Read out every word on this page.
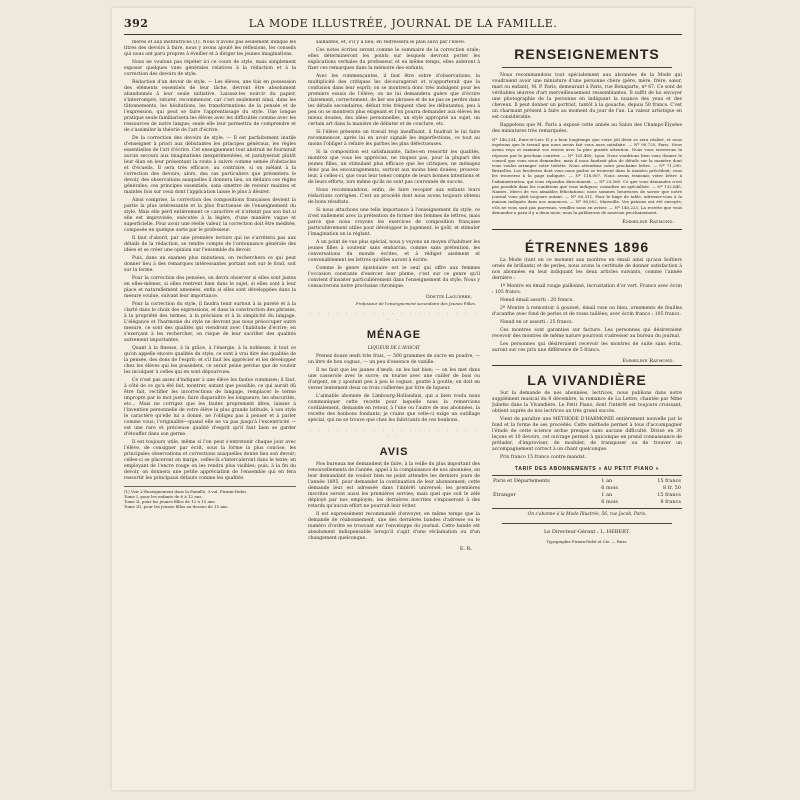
392	LA MODE ILLUSTRÉE, JOURNAL DE LA FAMILLE.

mères et aux institutrices (1). Nous n'avons pas seulement indiqué les titres des devoirs à faire, nous y avons ajouté les réflexions, les conseils qui nous ont paru propres à éveiller et à diriger les jeunes imaginations.

Nous ne voulons pas répéter ici ce cours de style, mais simplement exposer quelques vues générales relatives à la rédaction et à la correction des devoirs de style.

Rédaction d'un devoir de style. — Les élèves, une fois en possession des éléments essentiels de leur tâche, devront être absolument abandonnés à leur seule initiative. Laissez-les noircir du papier, s'interrompre, raturer, recommencer, car c'est seulement ainsi, dans les tâtonnements, les hésitations, les transformations de la pensée et de l'expression, qui peut se faire l'apprentissage du style. Une longue pratique seule familiarisera les élèves avec les difficultés comme avec les ressources de notre langue; seule elle leur permettra de comprendre et de s'assimiler la théorie de l'art d'écrire.

De la correction des devoirs de style. — Il est parfaitement inutile d'enseigner à priori aux débutantes les principes généraux, les règles essentielles de l'art d'écrire. Cet enseignement tout abstrait ne fournirait aucun secours aux imaginations inexpérimentées, et paralyserait plutôt leur élan en leur présentant la route à suivre comme semée d'obstacles et d'écueils. Il sera très efficace, au contraire, si on mêlant à la correction des devoirs; alors, des cas particuliers que présentera le devoir, des observations auxquelles il donnera lieu, on déduira ces règles générales; ces principes essentiels, sans omettre de revenir maintes et maintes fois sur ceux dont l'application laisse le plus à désirer.

Ainsi comprise, la correction des compositions françaises devient la partie la plus intéressante et la plus fructueuse de l'enseignement du style. Mais elle perd entièrement ce caractère et n'atteint pas son but si elle est improvisée, exécutée à la légère, d'une manière vague et superficielle. Pour avoir une réelle valeur, la correction doit être méditée, composée en quelque sorte par le professeur.

Il faut d'abord, par une première lecture qui ne s'arrêtera pas aux détails de la rédaction, se rendre compte de l'ordonnance générale des idées et se créer une opinion sur l'ensemble du devoir.

Puis, dans un examen plus minutieux, on recherchera ce qui peut donner lieu à des remarques intéressantes portant soit sur le fond, soit sur la forme.

Pour la correction des pensées, on devra observer si elles sont justes en elles-mêmes, si elles rentrent bien dans le sujet, si elles sont à leur place et naturellement amenées, enfin si elles sont développées dans la mesure voulue, suivant leur importance.

Pour la correction du style, il faudra tenir surtout à la pureté et à la clarté dans le choix des expressions, et dans la construction des phrases, à la propriété des termes, à la précision et à la simplicité du langage. L'élégance et l'harmonie du style ne devront pas nous préoccuper outre mesure, ce sont des qualités qui viendront avec l'habitude d'écrire; en s'exerçant à les rechercher, on risque de leur sacrifier des qualités autrement importantes.

Quant à la finesse, à la grâce, à l'énergie, à la noblesse, il tout ce qu'on appelle encore qualités du style, ce sont à vrai dire des qualités de la pensée, des dons de l'esprit; et s'il faut les apprécier et les développer chez les élèves qui les possèdent, ce serait peine perdue que de vouloir les inculquer à celles qui en sont dépourvues.

Ce n'est pas assez d'indiquer à une élève les fautes commises; il faut, à côté de ce qu'a été fait, montrer, autant que possible, ce qui aurait dû être fait, rectifier les incorrections de langage, remplacer le terme impropre par le mot juste, faire disparaître les longueurs, les obscurités, etc... Mais ne corrigez que les fautes proprement dites, laissez à l'invention personnelle de votre élève la plus grande latitude, à son style le caractère qu'elle lui a donné, ne l'obligez pas à penser et à parler comme vous; l'originalité—quand elle ne va pas jusqu'à l'excentricité — est une rare et précieuse qualité d'esprit qu'il faut bien se garder d'étouffer dans son germe.

Il est toujours utile, même si l'on peut s'entretenir chaque jour avec l'élève, de consigner par écrit, sous la forme la plus concise, les principales observations et corrections auxquelles donne lieu son devoir; celles-ci se placeront en marge, celles-là s'intercaleront dans le texte; en employant de l'encre rouge on les rendra plus visibles; puis, à la fin du devoir, on donnera une petite appréciation de l'ensemble qui en fera ressortir les principaux défauts comme les qualités

(1) Voir L'Enseignement dans la Famille, 3 vol. Firmin-Didot.
Tome I, pour les enfants de 6 à 12 ans.
Tome II, pour les jeunes filles de 12 à 15 ans.
Tome III, pour les jeunes filles au-dessus de 15 ans.

saillantes, et, s'il y a lieu, en redressera le plan suivi par l'élève.

Ces notes écrites seront comme le sommaire de la correction orale; elles détermineront les points sur lesquels devront porter les explications verbales du professeur, et en même temps, elles aideront à fixer ces remarques dans la mémoire des enfants.

Avec les commençantes, il faut être sobre d'observations; la multiplicité des critiques les découragerait et n'apporterait que la confusion dans leur esprit; on se montrera donc très indulgent pour les premiers essais de l'élève; on ne lui demandera guère que d'écrire clairement, correctement, de lier ses phrases et de ne pas se perdre dans les détails secondaires, défaut très fréquent chez les débutantes; peu à peu on se montrera plus exigeant et l'on pourra demander aux élèves les mieux douées, des idées personnelles, un style approprié au sujet, un certain art dans la manière de débuter et de conclure, etc.

Si l'élève présente un travail trop insuffisant, il faudrait le lui faire recommencer, après lui en avoir signalé les imperfections, ce tout au moins l'obliger à refaire les parties les plus défectueuses.

Si la composition est satisfaisante, faites-en ressortir les qualités, montrez que vous les appréciez, ne risquez pas, pour la plupart des jeunes filles, un stimulant plus efficace que les critiques; ne ménagez donc pas les encouragements, surtout aux moins bien douées; prouvez-leur, à celles-ci, que vous leur tenez compte de leurs bonnes intentions et de leurs efforts, lors même qu'ils ne sont pas couronnés de succès.

Nous recommandons, enfin, de faire recopier aux enfants leurs rédactions corrigées. C'est un procédé dont nous avons toujours obtenu de bons résultats.

Si nous attachons une telle importance à l'enseignement du style, ce n'est nullement avec la prétention de former des femmes de lettres, mais parce que nous croyons les exercices de composition française particulièrement utiles pour développer le jugement, le goût, et stimuler l'imagination en la réglant.

A un point de vue plus spécial, nous y voyons un moyen d'habituer les jeunes filles à soutenir sans embarras, comme sans prétention, les conversations du monde écrites, et à rédiger aisément et convenablement les lettres qu'elles auront à écrire.

Comme le genre épistolaire est le seul qui offre aux femmes l'occasion constante d'exercer leur plume, c'est sur ce genre qu'il convient d'insister particulièrement dans l'enseignement du style. Nous y consacrerons notre prochaine chronique.

Odette Laguerre,
Professeur de l'enseignement secondaire des Jeunes Filles.
· · · · · · · · · · · · · · · · · · · · ·
MÉNAGE
LIQUEUR DE L'AVOCAT

Prenez douze œufs très frais, — 500 grammes de sucre en poudre, — un litre de bon cognac, — un peu d'essence de vanille.

Il ne faut que les jaunes d'œufs; on les bat bien; — on les met dans une casserole avec le sucre; on tourne avec une cuiller de bois ou d'argent, en y ajoutant peu à peu le cognac, goutte à goutte; on doit en verser lentement deux ou trois cuillerées par litre de liqueur.

L'aimable abonnée de Limbourg-Hollandais, qui a bien voulu nous communiquer cette recette pour laquelle nous la remercions cordialement, demande en retour, à l'une ou l'autre de nos abonnées, la recette des bonbons fondants; je crains que celle-ci exige un outillage spécial, qui ne se trouve que chez les fabricants de ces bonbons.

· · · · · · · · · · · · · · · · · · · · ·
AVIS

Nos bureaux me demandent de faire, à la veille du plus important des renouvellements de l'année, appel à la complaisance de nos abonnées, en leur demandant de vouloir bien ne point attendre les derniers jours de l'année 1895, pour demander la continuation de leur abonnement; cette demande leur est adressée dans l'intérêt universel; les premières inscrites seront aussi les premières servies; mais quel que soit le zèle déployé par nos employés, les dernières inscrites s'exposeront à des retards qu'aucun effort ne pourrait leur éviter.

Il est expressément recommandé d'envoyer, en même temps que la demande de réabonnement, une des dernières bandes d'adresse ou le numéro d'ordre se trouvant sur l'enveloppe du journal. Cette bande est absolument indispensable lorsqu'il s'agit d'une réclamation ou d'un changement quelconque.

E. R.
RENSEIGNEMENTS

Nous recommandons tout spécialement aux abonnées de la Mode qui voudraient avoir une miniature d'une personne chère (père, mère, frère, sœur, mari ou enfant), M. P. Paris, demeurant à Paris, rue Bonaparte, nº 67. Ce sont de véritables œuvres d'art merveilleusement ressemblantes. Il suffit de lui envoyer une photographie de la personne en indiquant la nuance des yeux et des cheveux. Il peut donner un portrait, tantôt à la gouache, depuis 50 francs. C'est un charmant présent à faire au moment du jour de l'an. La valeur artistique en est considérable.

Rappelons que M. Paris a exposé cette année au Salon des Champs-Élysées des miniatures très remarquées.

Nº 146,334. Eure-et-Loir. Il y a bien longtemps que votre joli désir se sera réalisé, et nous espérons que le travail que nous avons fait vous aura satisfaite. — Nº 90,720, Paris. Nous avons reçu et examiné vos envois avec la plus grande attention. Nous vous enverrons la réponse par le prochain courrier. — Nº 105,480, Lyon. Nous voudrions bien vous donner le conseil que vous nous demandez; mais il nous faudrait plus de détails sur la manière dont vous voulez arranger votre toilette. Nous attendons votre prochaine lettre. — Nº 71,290, Bruxelles. Les broderies dont vous nous parlez se trouvent dans le numéro précédent; vous les trouverez à la page indiquée. — Nº 118,007. Nous avons transmis votre lettre à l'administration, qui vous répondra directement. — Nº 23,560. Ce que vous demandez n'est pas possible dans les conditions que vous indiquez; consultez un spécialiste. — Nº 132,845, Nantes. Merci de vos aimables félicitations; nous sommes heureuses de savoir que notre journal vous plaît toujours autant. — Nº 60,311. Pour le linge de table, adressez-vous à la maison indiquée dans nos annonces. — Nº 98,002, Marseille. Vos patrons ont été envoyés; s'ils ne vous sont pas parvenus, veuillez nous en aviser. — Nº 140,223. La recette que vous demandez a paru il y a deux mois; nous la publierons de nouveau prochainement.
Emmeline Raymond.
ÉTRENNES 1896

La Mode (tant en ce moment aux montres en émail ainsi qu'aux boîtiers ornés de brillants) et de perles, nous avons la certitude de donner satisfaction à nos abonnées en leur indiquant les deux articles suivants, comme l'année dernière :

1º Montre en émail rouge paillonné, incrustation d'or vert. Franco avec écrin : 105 francs.

Nœud émail assorti : 20 francs.

2º Montre à remontoir à gousset, émail rose ou bleu, ornements de feuilles d'acanthe avec fond de perles et de roses taillées; avec écrin franco : 105 francs.

Nœud en or assorti : 25 francs.

Ces montres sont garanties sur facture. Les personnes qui désireraient recevoir des montres de même nature pourront s'adresser au bureau du journal.

Les personnes qui désireraient recevoir les montres de suite sans écrin, auront sur ces prix une différence de 5 francs.

Emmeline Raymond.
LA VIVANDIÈRE

Sur la demande de nos abonnées, lectrices, nous publions dans notre supplément musical du 8 décembre, la romance de La Lettre, chantée par Mme Juliette dans la Vivandière. Le Petit Piano, dont l'intérêt est toujours croissant, obtient auprès de nos lectrices un très grand succès.

Vient de paraître une MÉTHODE D'HARMONIE entièrement nouvelle par le fond et la forme de ses procédés. Cette méthode permet à tous d'accompagner l'étude de cette science ardue presque sans aucune difficulté. Divisé en 30 leçons et 10 devoirs, cet ouvrage permet à quiconque en prend connaissance de préluder, d'improviser, de moduler, de transposer ou de trouver un accompagnement correct à un chant quelconque.

Prix franco 15 francs contre mandat.

TARIF DES ABONNEMENTS « AU PETIT PIANO »
Paris et Départements	1 an	15 francs
	6 mois	8 fr. 50
Étranger	1 an	15 francs
	6 mois	8 francs
On s'abonne à la Mode Illustrée, 56, rue Jacob, Paris.
Le Directeur-Gérant : L. HEBERT.
Typographie Firmin-Didot et Cie. — Paris.
